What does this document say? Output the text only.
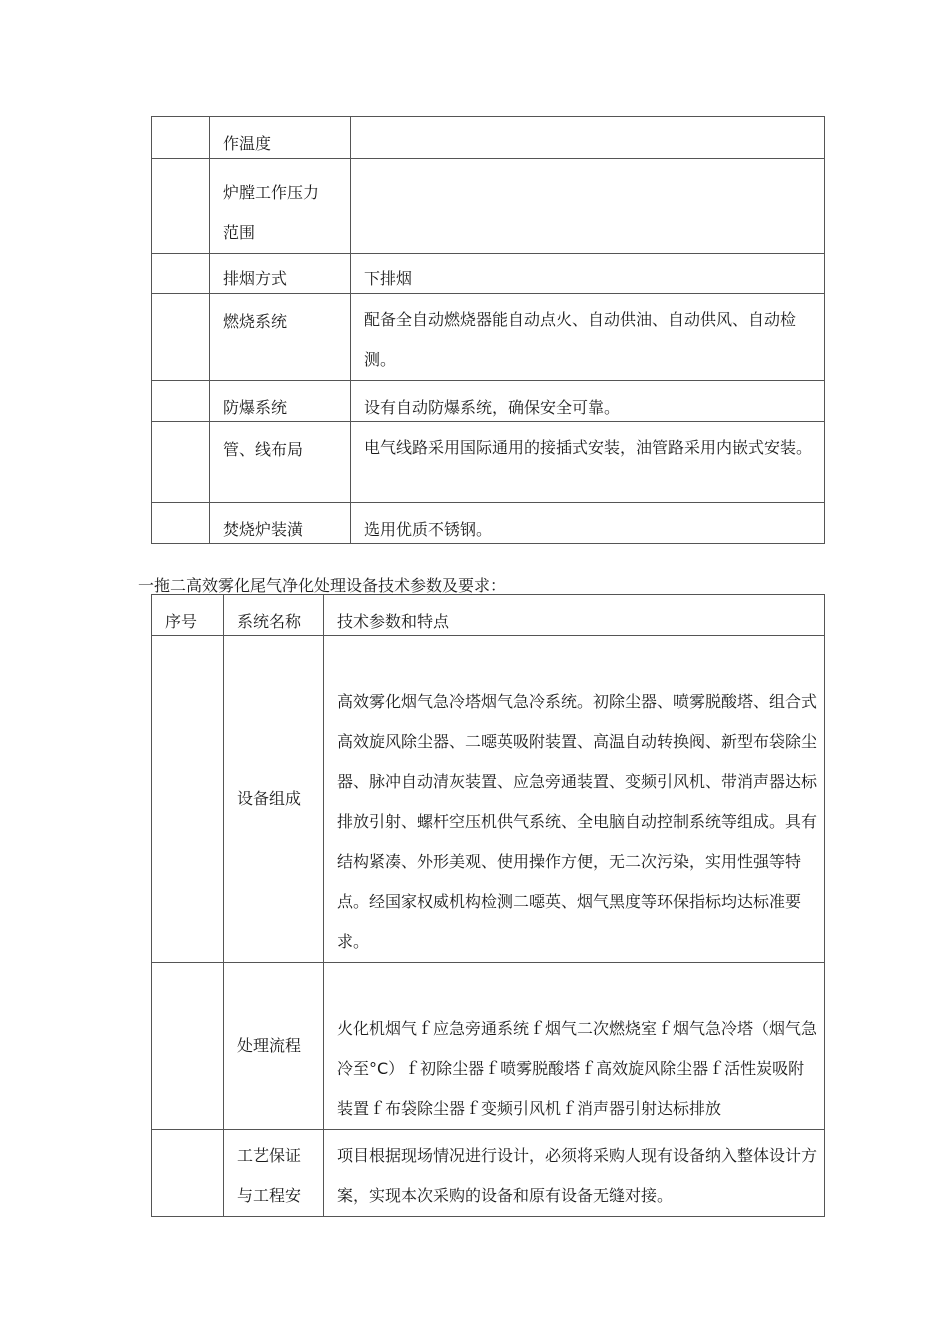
	作温度	
	炉膛工作压力范围	
	排烟方式	下排烟
	燃烧系统	配备全自动燃烧器能自动点火、自动供油、自动供风、自动检测。
	防爆系统	设有自动防爆系统，确保安全可靠。
	管、线布局	电气线路采用国际通用的接插式安装，油管路采用内嵌式安装。
	焚烧炉装潢	选用优质不锈钢。
一拖二高效雾化尾气净化处理设备技术参数及要求：
序号	系统名称	技术参数和特点
	设备组成	高效雾化烟气急冷塔烟气急冷系统。初除尘器、喷雾脱酸塔、组合式高效旋风除尘器、二噁英吸附装置、高温自动转换阀、新型布袋除尘器、脉冲自动清灰装置、应急旁通装置、变频引风机、带消声器达标排放引射、螺杆空压机供气系统、全电脑自动控制系统等组成。具有结构紧凑、外形美观、使用操作方便，无二次污染，实用性强等特点。经国家权威机构检测二噁英、烟气黑度等环保指标均达标准要求。
	处理流程	火化机烟气ｆ应急旁通系统ｆ烟气二次燃烧室ｆ烟气急冷塔（烟气急冷至°C）ｆ初除尘器ｆ喷雾脱酸塔ｆ高效旋风除尘器ｆ活性炭吸附装置ｆ布袋除尘器ｆ变频引风机ｆ消声器引射达标排放
	工艺保证与工程安	项目根据现场情况进行设计，必须将采购人现有设备纳入整体设计方案，实现本次采购的设备和原有设备无缝对接。
